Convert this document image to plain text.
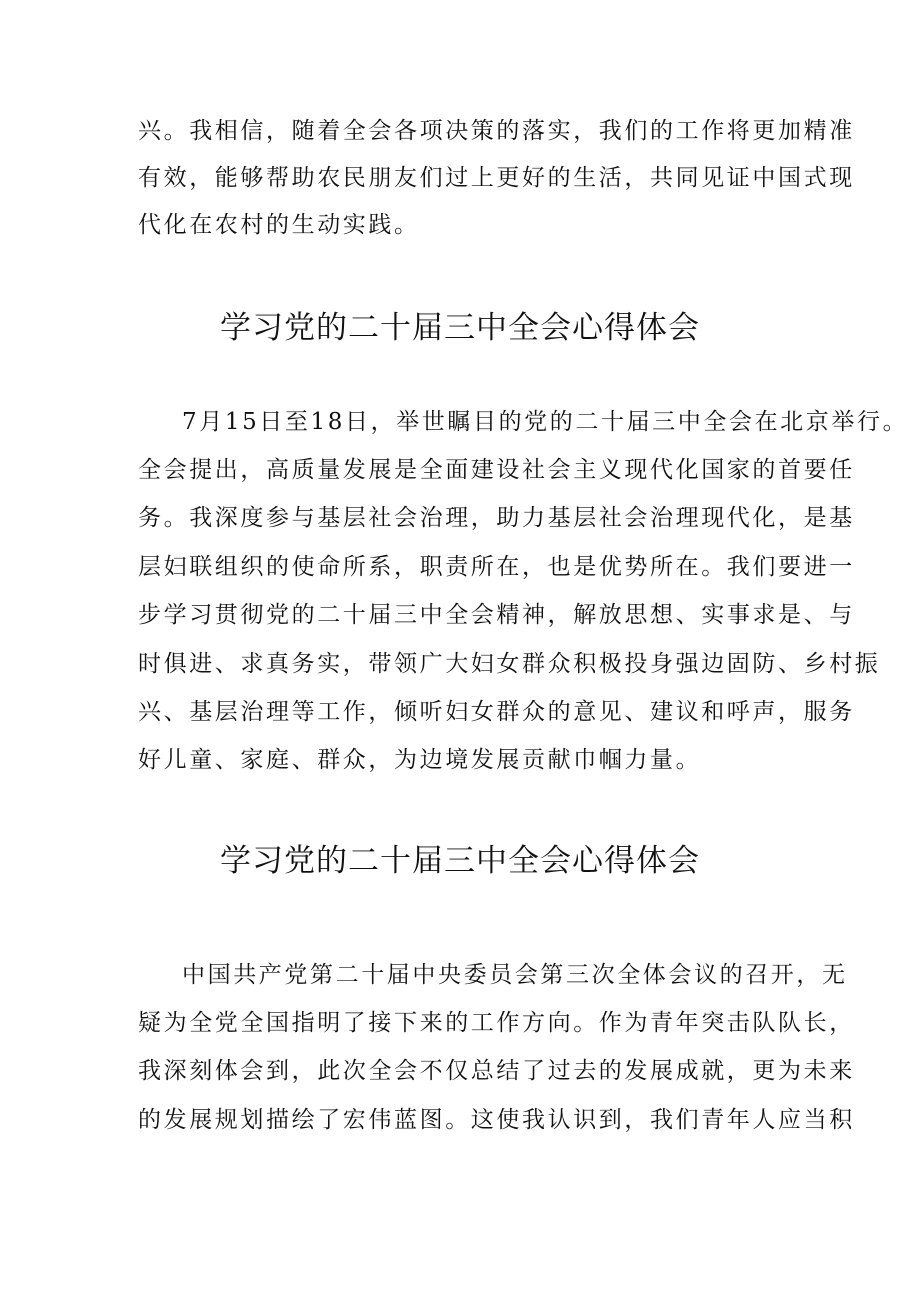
兴。我相信，随着全会各项决策的落实，我们的工作将更加精准
有效，能够帮助农民朋友们过上更好的生活，共同见证中国式现
代化在农村的生动实践。
学习党的二十届三中全会心得体会
7月15日至18日，举世瞩目的党的二十届三中全会在北京举行。
全会提出，高质量发展是全面建设社会主义现代化国家的首要任
务。我深度参与基层社会治理，助力基层社会治理现代化，是基
层妇联组织的使命所系，职责所在，也是优势所在。我们要进一
步学习贯彻党的二十届三中全会精神，解放思想、实事求是、与
时俱进、求真务实，带领广大妇女群众积极投身强边固防、乡村振
兴、基层治理等工作，倾听妇女群众的意见、建议和呼声，服务
好儿童、家庭、群众，为边境发展贡献巾帼力量。
学习党的二十届三中全会心得体会
中国共产党第二十届中央委员会第三次全体会议的召开，无
疑为全党全国指明了接下来的工作方向。作为青年突击队队长，
我深刻体会到，此次全会不仅总结了过去的发展成就，更为未来
的发展规划描绘了宏伟蓝图。这使我认识到，我们青年人应当积
